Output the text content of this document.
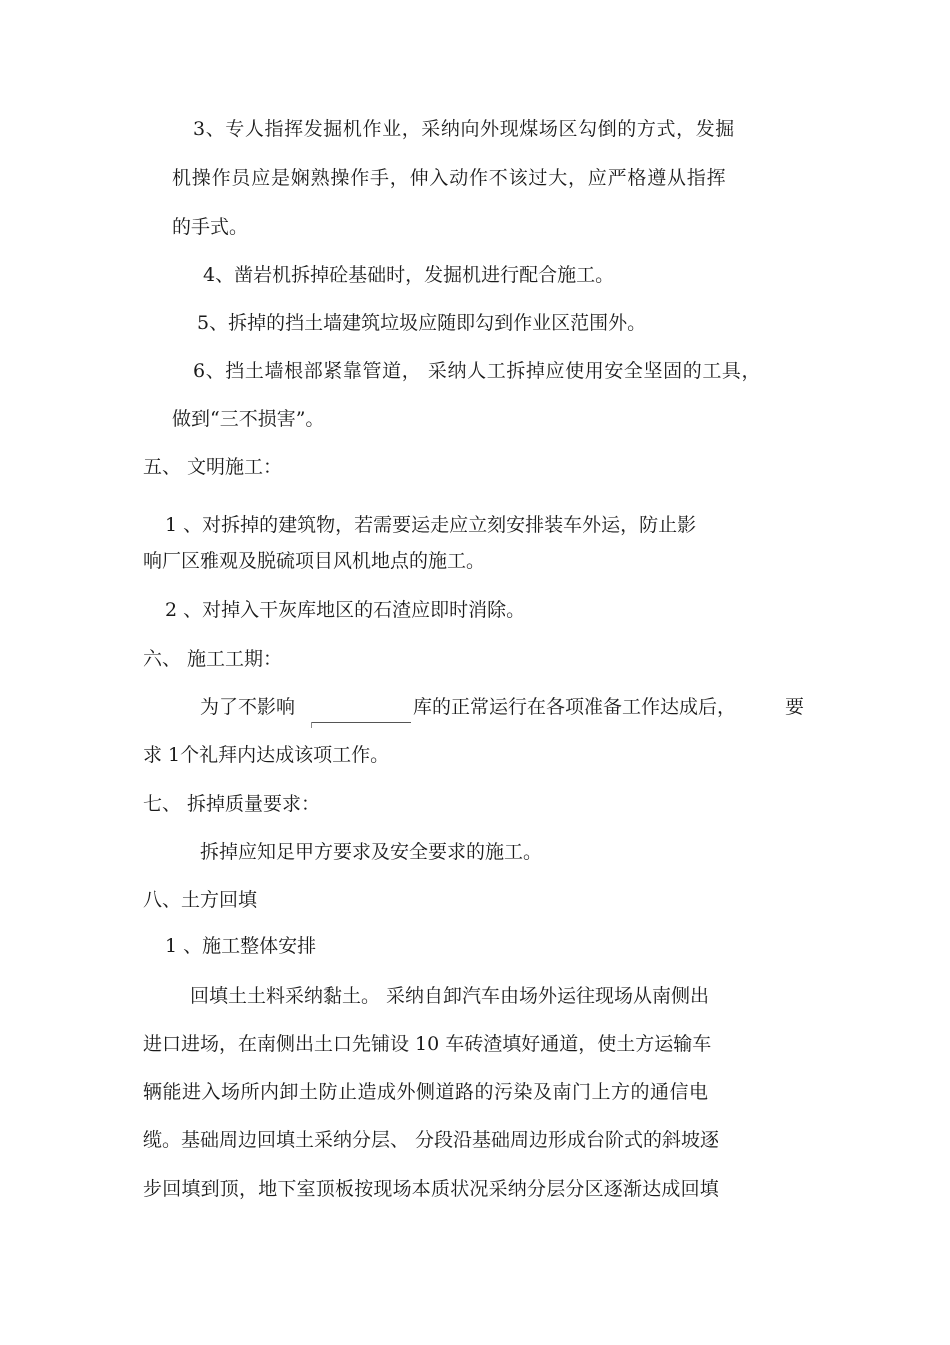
3、专人指挥发掘机作业，采纳向外现煤场区勾倒的方式，发掘

机操作员应是娴熟操作手，伸入动作不该过大，应严格遵从指挥

的手式。

4、凿岩机拆掉砼基础时，发掘机进行配合施工。

5、拆掉的挡土墙建筑垃圾应随即勾到作业区范围外。

6、挡土墙根部紧靠管道， 采纳人工拆掉应使用安全坚固的工具，

做到“三不损害”。

五、 文明施工：

1 、对拆掉的建筑物，若需要运走应立刻安排装车外运，防止影

响厂区雅观及脱硫项目风机地点的施工。

2 、对掉入干灰库地区的石渣应即时消除。

六、 施工工期：

为了不影响	库的正常运行在各项准备工作达成后，	要

求 1个礼拜内达成该项工作。

七、 拆掉质量要求：

拆掉应知足甲方要求及安全要求的施工。

八、土方回填

1 、施工整体安排

回填土土料采纳黏土。 采纳自卸汽车由场外运往现场从南侧出

进口进场，在南侧出土口先铺设 10 车砖渣填好通道，使土方运输车

辆能进入场所内卸土防止造成外侧道路的污染及南门上方的通信电

缆。基础周边回填土采纳分层、 分段沿基础周边形成台阶式的斜坡逐

步回填到顶，地下室顶板按现场本质状况采纳分层分区逐渐达成回填
